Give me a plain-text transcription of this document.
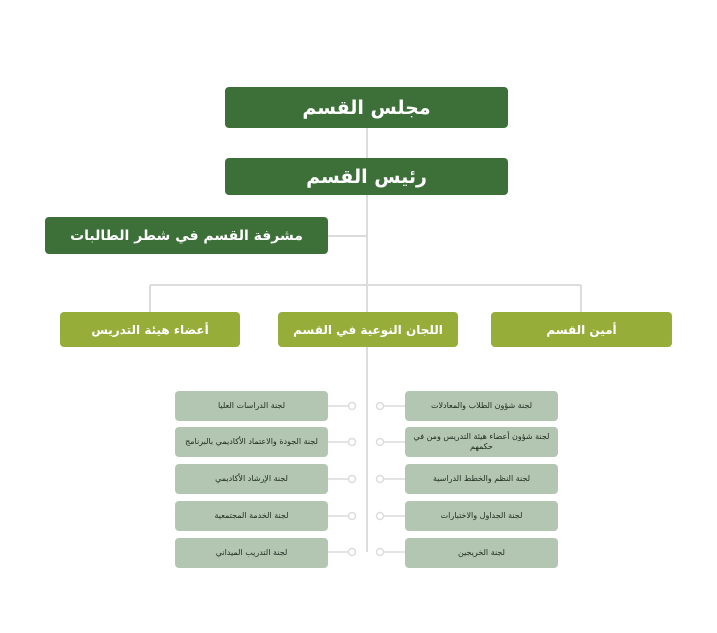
مجلس القسم
رئيس القسم
مشرفة القسم في شطر الطالبات
أمين القسم
اللجان النوعية في القسم
أعضاء هيئة التدريس
لجنة شؤون الطلاب والمعادلات
لجنة شؤون أعضاء هيئة التدريس ومن في حكمهم
لجنة النظم والخطط الدراسية
لجنة الجداول والاختبارات
لجنة الخريجين
لجنة الدراسات العليا
لجنة الجودة والاعتماد الأكاديمي بالبرنامج
لجنة الإرشاد الأكاديمي
لجنة الخدمة المجتمعية
لجنة التدريب الميداني
